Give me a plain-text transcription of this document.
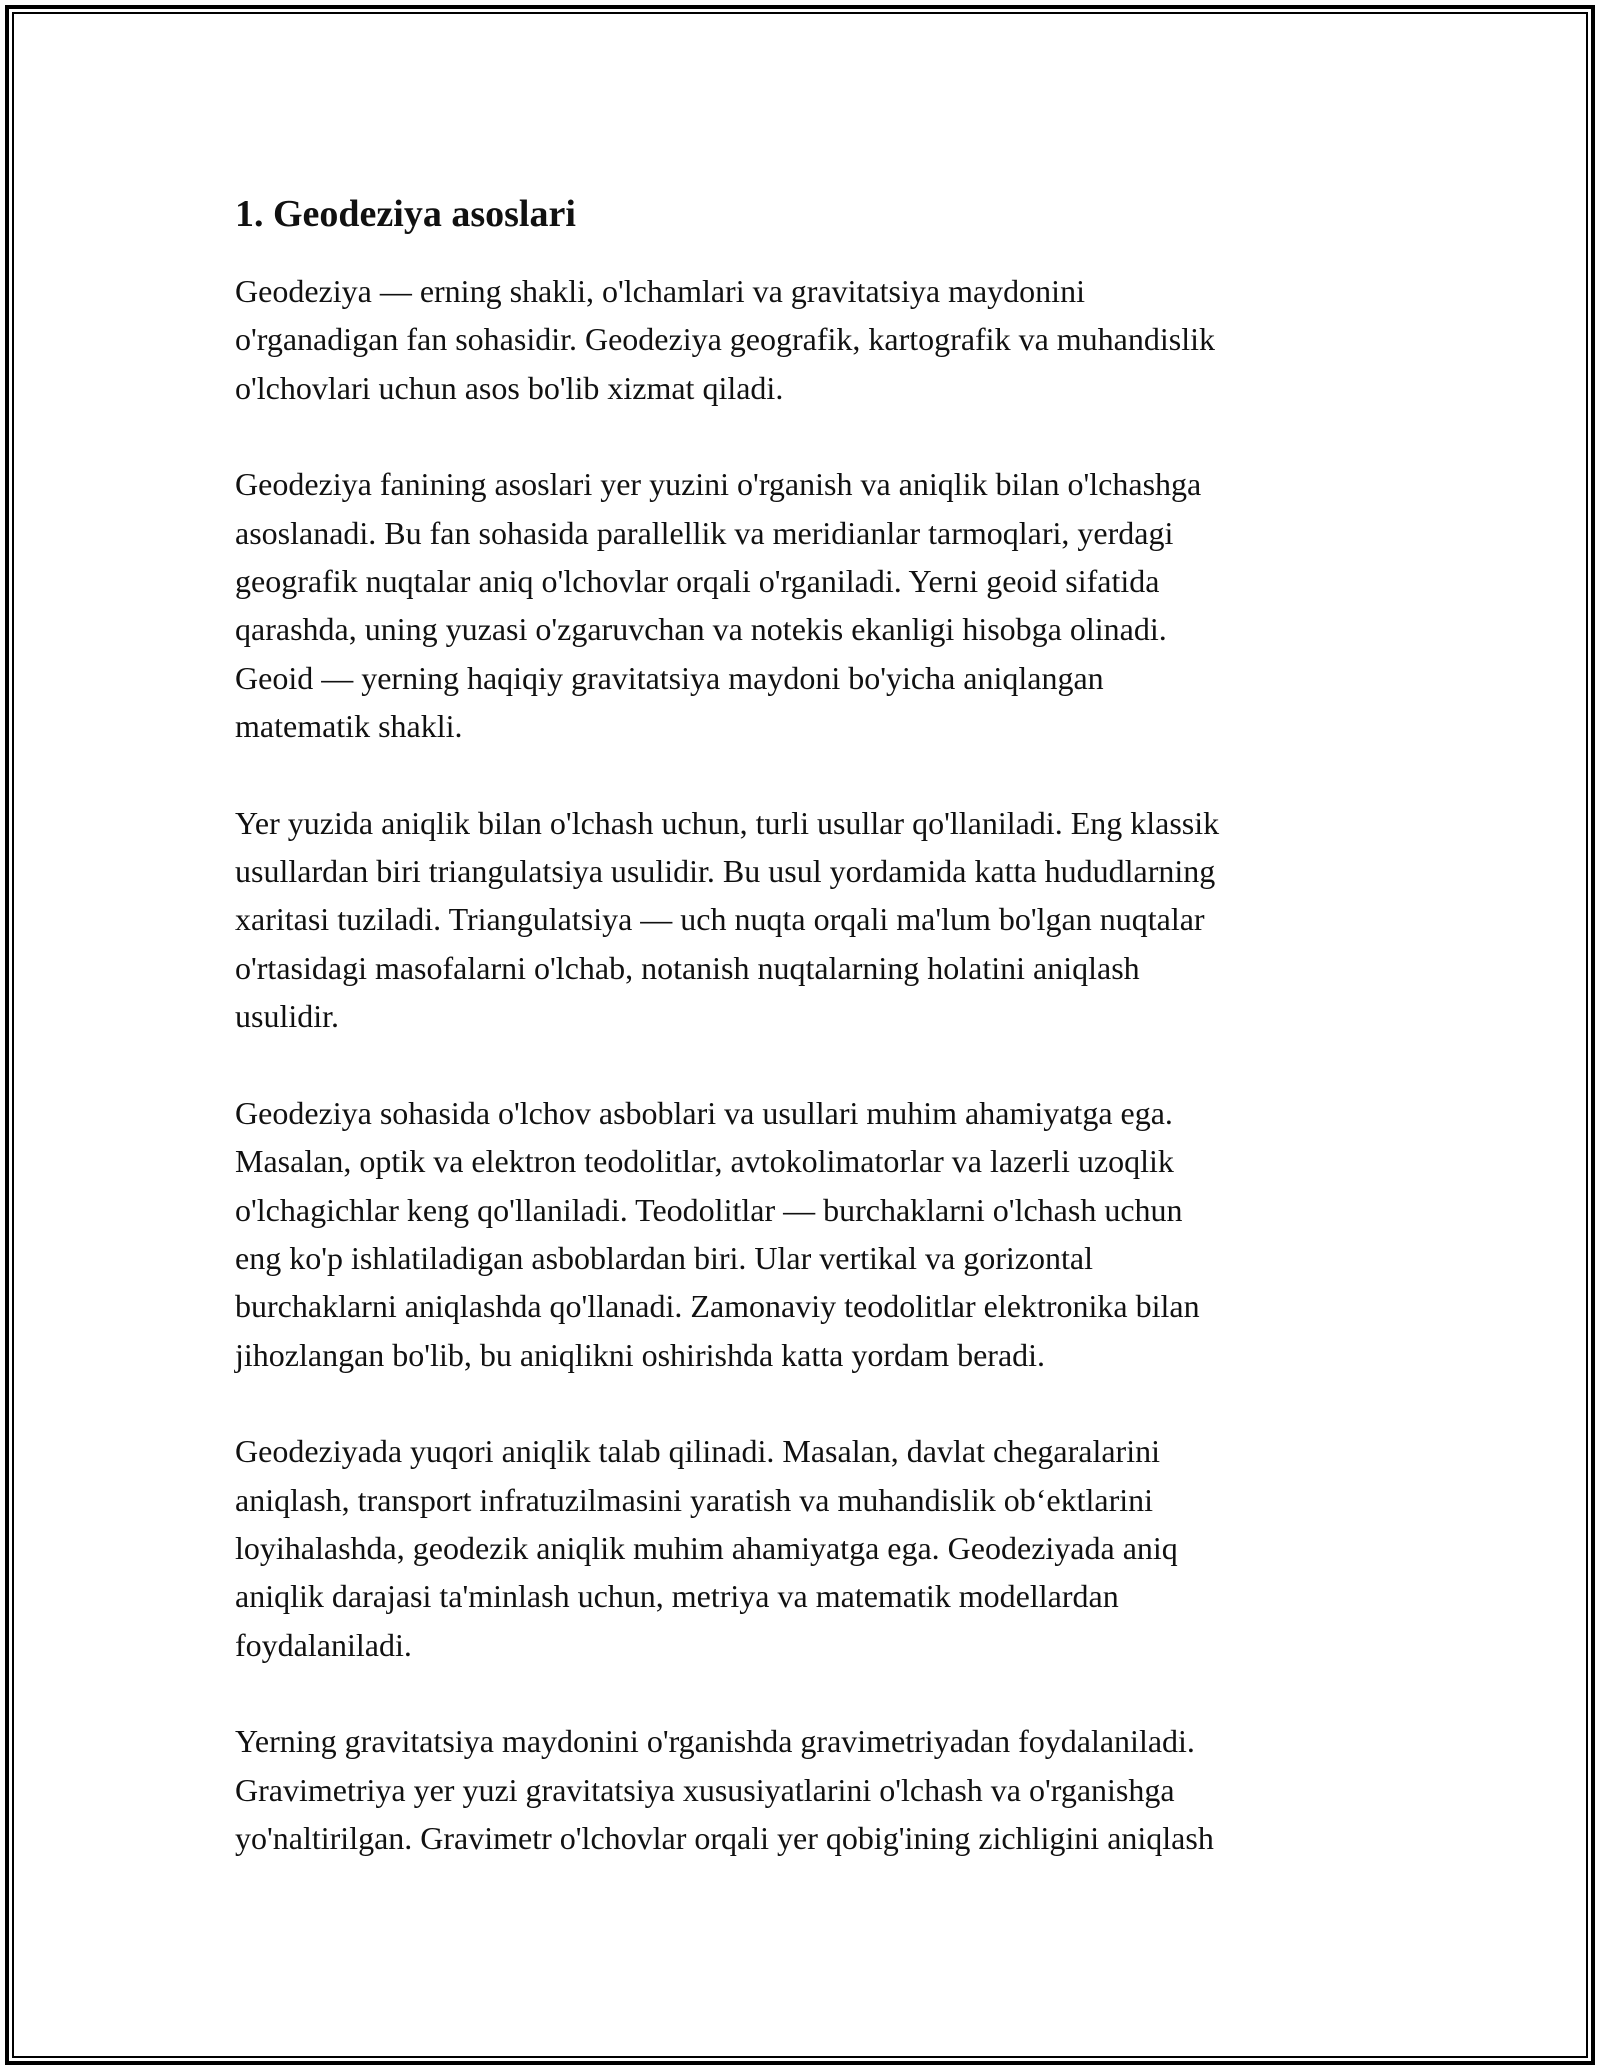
1. Geodeziya asoslari

Geodeziya — erning shakli, o'lchamlari va gravitatsiya maydonini
o'rganadigan fan sohasidir. Geodeziya geografik, kartografik va muhandislik
o'lchovlari uchun asos bo'lib xizmat qiladi.

Geodeziya fanining asoslari yer yuzini o'rganish va aniqlik bilan o'lchashga
asoslanadi. Bu fan sohasida parallellik va meridianlar tarmoqlari, yerdagi
geografik nuqtalar aniq o'lchovlar orqali o'rganiladi. Yerni geoid sifatida
qarashda, uning yuzasi o'zgaruvchan va notekis ekanligi hisobga olinadi.
Geoid — yerning haqiqiy gravitatsiya maydoni bo'yicha aniqlangan
matematik shakli.

Yer yuzida aniqlik bilan o'lchash uchun, turli usullar qo'llaniladi. Eng klassik
usullardan biri triangulatsiya usulidir. Bu usul yordamida katta hududlarning
xaritasi tuziladi. Triangulatsiya — uch nuqta orqali ma'lum bo'lgan nuqtalar
o'rtasidagi masofalarni o'lchab, notanish nuqtalarning holatini aniqlash
usulidir.

Geodeziya sohasida o'lchov asboblari va usullari muhim ahamiyatga ega.
Masalan, optik va elektron teodolitlar, avtokolimatorlar va lazerli uzoqlik
o'lchagichlar keng qo'llaniladi. Teodolitlar — burchaklarni o'lchash uchun
eng ko'p ishlatiladigan asboblardan biri. Ular vertikal va gorizontal
burchaklarni aniqlashda qo'llanadi. Zamonaviy teodolitlar elektronika bilan
jihozlangan bo'lib, bu aniqlikni oshirishda katta yordam beradi.

Geodeziyada yuqori aniqlik talab qilinadi. Masalan, davlat chegaralarini
aniqlash, transport infratuzilmasini yaratish va muhandislik ob‘ektlarini
loyihalashda, geodezik aniqlik muhim ahamiyatga ega. Geodeziyada aniq
aniqlik darajasi ta'minlash uchun, metriya va matematik modellardan
foydalaniladi.

Yerning gravitatsiya maydonini o'rganishda gravimetriyadan foydalaniladi.
Gravimetriya yer yuzi gravitatsiya xususiyatlarini o'lchash va o'rganishga
yo'naltirilgan. Gravimetr o'lchovlar orqali yer qobig'ining zichligini aniqlash
